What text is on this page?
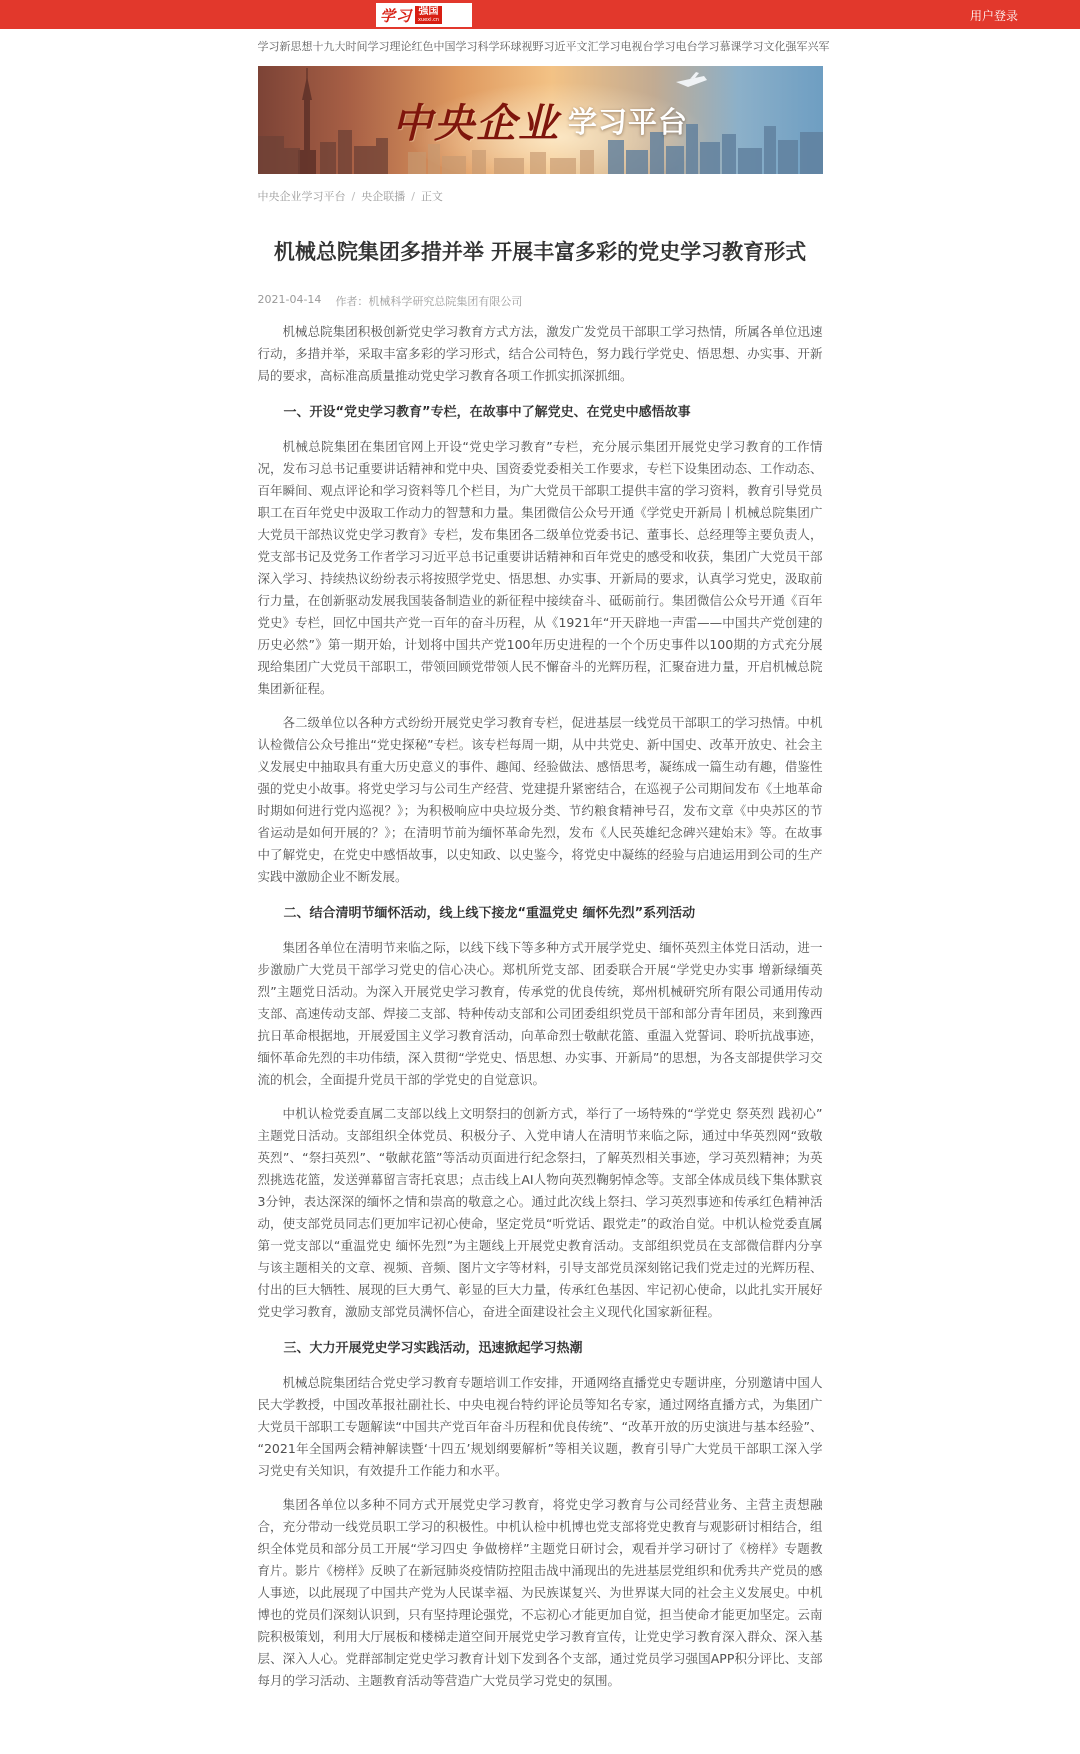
学习 强国
xuexi.cn	用户登录
学习新思想 十九大时间 学习理论 红色中国 学习科学 环球视野 习近平文汇 学习电视台 学习电台 学习慕课 学习文化 强军兴军
中央企业 学习平台
中央企业学习平台 / 央企联播 / 正文
机械总院集团多措并举 开展丰富多彩的党史学习教育形式
2021-04-14 作者：机械科学研究总院集团有限公司

机械总院集团积极创新党史学习教育方式方法，激发广发党员干部职工学习热情，所属各单位迅速行动，多措并举，采取丰富多彩的学习形式，结合公司特色，努力践行学党史、悟思想、办实事、开新局的要求，高标准高质量推动党史学习教育各项工作抓实抓深抓细。

一、开设“党史学习教育”专栏，在故事中了解党史、在党史中感悟故事

机械总院集团在集团官网上开设“党史学习教育”专栏，充分展示集团开展党史学习教育的工作情况，发布习总书记重要讲话精神和党中央、国资委党委相关工作要求，专栏下设集团动态、工作动态、百年瞬间、观点评论和学习资料等几个栏目，为广大党员干部职工提供丰富的学习资料，教育引导党员职工在百年党史中汲取工作动力的智慧和力量。集团微信公众号开通《学党史开新局丨机械总院集团广大党员干部热议党史学习教育》专栏，发布集团各二级单位党委书记、董事长、总经理等主要负责人，党支部书记及党务工作者学习习近平总书记重要讲话精神和百年党史的感受和收获，集团广大党员干部深入学习、持续热议纷纷表示将按照学党史、悟思想、办实事、开新局的要求，认真学习党史，汲取前行力量，在创新驱动发展我国装备制造业的新征程中接续奋斗、砥砺前行。集团微信公众号开通《百年党史》专栏，回忆中国共产党一百年的奋斗历程，从《1921年“开天辟地一声雷——中国共产党创建的历史必然”》第一期开始，计划将中国共产党100年历史进程的一个个历史事件以100期的方式充分展现给集团广大党员干部职工，带领回顾党带领人民不懈奋斗的光辉历程，汇聚奋进力量，开启机械总院集团新征程。

各二级单位以各种方式纷纷开展党史学习教育专栏，促进基层一线党员干部职工的学习热情。中机认检微信公众号推出“党史探秘”专栏。该专栏每周一期，从中共党史、新中国史、改革开放史、社会主义发展史中抽取具有重大历史意义的事件、趣闻、经验做法、感悟思考，凝练成一篇生动有趣，借鉴性强的党史小故事。将党史学习与公司生产经营、党建提升紧密结合，在巡视子公司期间发布《土地革命时期如何进行党内巡视？》；为积极响应中央垃圾分类、节约粮食精神号召，发布文章《中央苏区的节省运动是如何开展的？》；在清明节前为缅怀革命先烈，发布《人民英雄纪念碑兴建始末》等。在故事中了解党史，在党史中感悟故事，以史知政、以史鉴今，将党史中凝练的经验与启迪运用到公司的生产实践中激励企业不断发展。

二、结合清明节缅怀活动，线上线下接龙“重温党史 缅怀先烈”系列活动

集团各单位在清明节来临之际，以线下线下等多种方式开展学党史、缅怀英烈主体党日活动，进一步激励广大党员干部学习党史的信心决心。郑机所党支部、团委联合开展“学党史办实事 增新绿缅英烈”主题党日活动。为深入开展党史学习教育，传承党的优良传统，郑州机械研究所有限公司通用传动支部、高速传动支部、焊接二支部、特种传动支部和公司团委组织党员干部和部分青年团员，来到豫西抗日革命根据地，开展爱国主义学习教育活动，向革命烈士敬献花篮、重温入党誓词、聆听抗战事迹，缅怀革命先烈的丰功伟绩，深入贯彻“学党史、悟思想、办实事、开新局”的思想，为各支部提供学习交流的机会，全面提升党员干部的学党史的自觉意识。

中机认检党委直属二支部以线上文明祭扫的创新方式，举行了一场特殊的“学党史 祭英烈 践初心”主题党日活动。支部组织全体党员、积极分子、入党申请人在清明节来临之际，通过中华英烈网“致敬英烈”、“祭扫英烈”、“敬献花篮”等活动页面进行纪念祭扫，了解英烈相关事迹，学习英烈精神；为英烈挑选花篮，发送弹幕留言寄托哀思；点击线上AI人物向英烈鞠躬悼念等。支部全体成员线下集体默哀3分钟，表达深深的缅怀之情和崇高的敬意之心。通过此次线上祭扫、学习英烈事迹和传承红色精神活动，使支部党员同志们更加牢记初心使命，坚定党员“听党话、跟党走”的政治自觉。中机认检党委直属第一党支部以“重温党史 缅怀先烈”为主题线上开展党史教育活动。支部组织党员在支部微信群内分享与该主题相关的文章、视频、音频、图片文字等材料，引导支部党员深刻铭记我们党走过的光辉历程、付出的巨大牺牲、展现的巨大勇气、彰显的巨大力量，传承红色基因、牢记初心使命，以此扎实开展好党史学习教育，激励支部党员满怀信心，奋进全面建设社会主义现代化国家新征程。

三、大力开展党史学习实践活动，迅速掀起学习热潮

机械总院集团结合党史学习教育专题培训工作安排，开通网络直播党史专题讲座，分别邀请中国人民大学教授，中国改革报社副社长、中央电视台特约评论员等知名专家，通过网络直播方式，为集团广大党员干部职工专题解读“中国共产党百年奋斗历程和优良传统”、“改革开放的历史演进与基本经验”、“2021年全国两会精神解读暨‘十四五’规划纲要解析”等相关议题，教育引导广大党员干部职工深入学习党史有关知识，有效提升工作能力和水平。

集团各单位以多种不同方式开展党史学习教育，将党史学习教育与公司经营业务、主营主责想融合，充分带动一线党员职工学习的积极性。中机认检中机博也党支部将党史教育与观影研讨相结合，组织全体党员和部分员工开展“学习四史 争做榜样”主题党日研讨会，观看并学习研讨了《榜样》专题教育片。影片《榜样》反映了在新冠肺炎疫情防控阻击战中涌现出的先进基层党组织和优秀共产党员的感人事迹，以此展现了中国共产党为人民谋幸福、为民族谋复兴、为世界谋大同的社会主义发展史。中机博也的党员们深刻认识到，只有坚持理论强党，不忘初心才能更加自觉，担当使命才能更加坚定。云南院积极策划，利用大厅展板和楼梯走道空间开展党史学习教育宣传，让党史学习教育深入群众、深入基层、深入人心。党群部制定党史学习教育计划下发到各个支部，通过党员学习强国APP积分评比、支部每月的学习活动、主题教育活动等营造广大党员学习党史的氛围。
